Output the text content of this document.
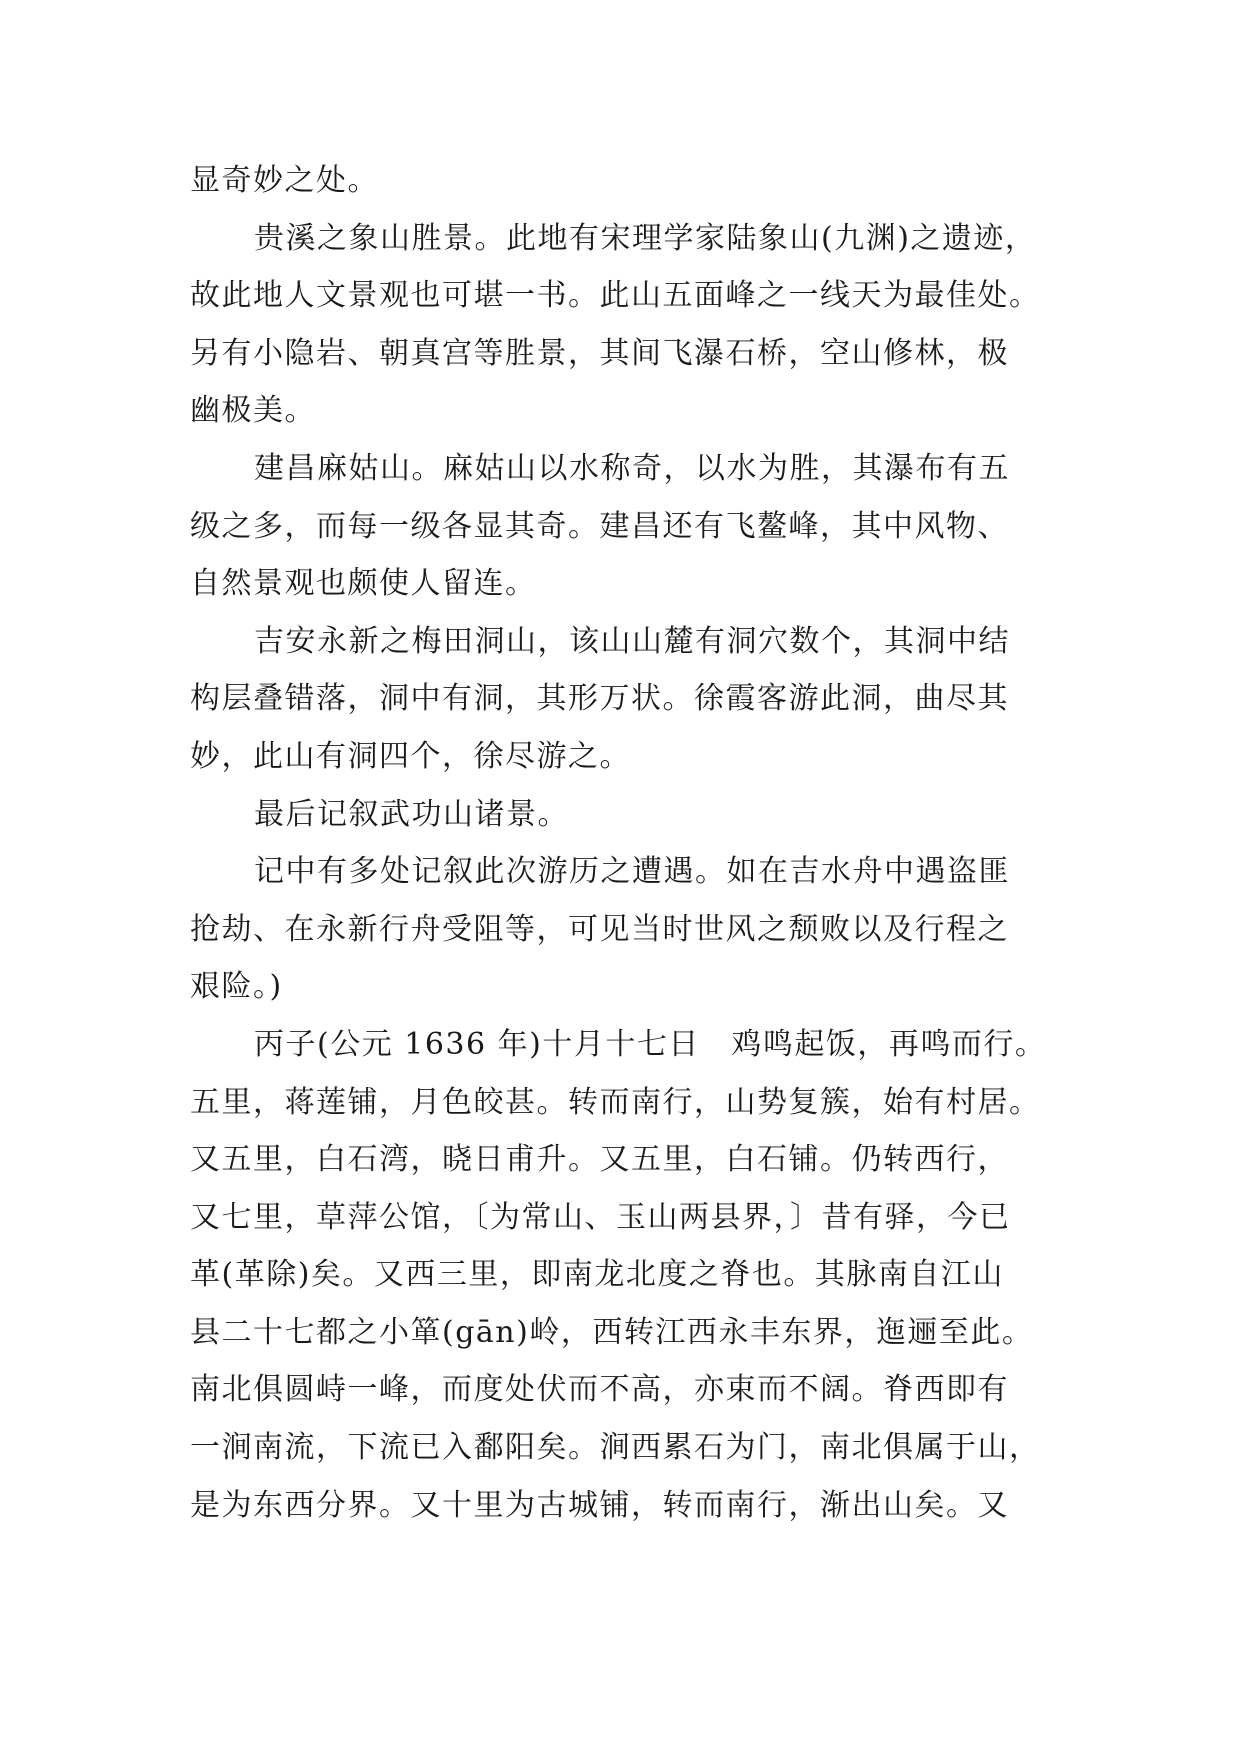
显奇妙之处。
贵溪之象山胜景。此地有宋理学家陆象山(九渊)之遗迹，
故此地人文景观也可堪一书。此山五面峰之一线天为最佳处。
另有小隐岩、朝真宫等胜景，其间飞瀑石桥，空山修林，极
幽极美。
建昌麻姑山。麻姑山以水称奇，以水为胜，其瀑布有五
级之多，而每一级各显其奇。建昌还有飞鳌峰，其中风物、
自然景观也颇使人留连。
吉安永新之梅田洞山，该山山麓有洞穴数个，其洞中结
构层叠错落，洞中有洞，其形万状。徐霞客游此洞，曲尽其
妙，此山有洞四个，徐尽游之。
最后记叙武功山诸景。
记中有多处记叙此次游历之遭遇。如在吉水舟中遇盗匪
抢劫、在永新行舟受阻等，可见当时世风之颓败以及行程之
艰险。)
丙子(公元 1636 年)十月十七日　鸡鸣起饭，再鸣而行。
五里，蒋莲铺，月色皎甚。转而南行，山势复簇，始有村居。
又五里，白石湾，晓日甫升。又五里，白石铺。仍转西行，
又七里，草萍公馆，〔为常山、玉山两县界，〕昔有驿，今已
革(革除)矣。又西三里，即南龙北度之脊也。其脉南自江山
县二十七都之小箪(gān)岭，西转江西永丰东界，迤逦至此。
南北俱圆峙一峰，而度处伏而不高，亦束而不阔。脊西即有
一涧南流，下流已入鄱阳矣。涧西累石为门，南北俱属于山，
是为东西分界。又十里为古城铺，转而南行，渐出山矣。又
